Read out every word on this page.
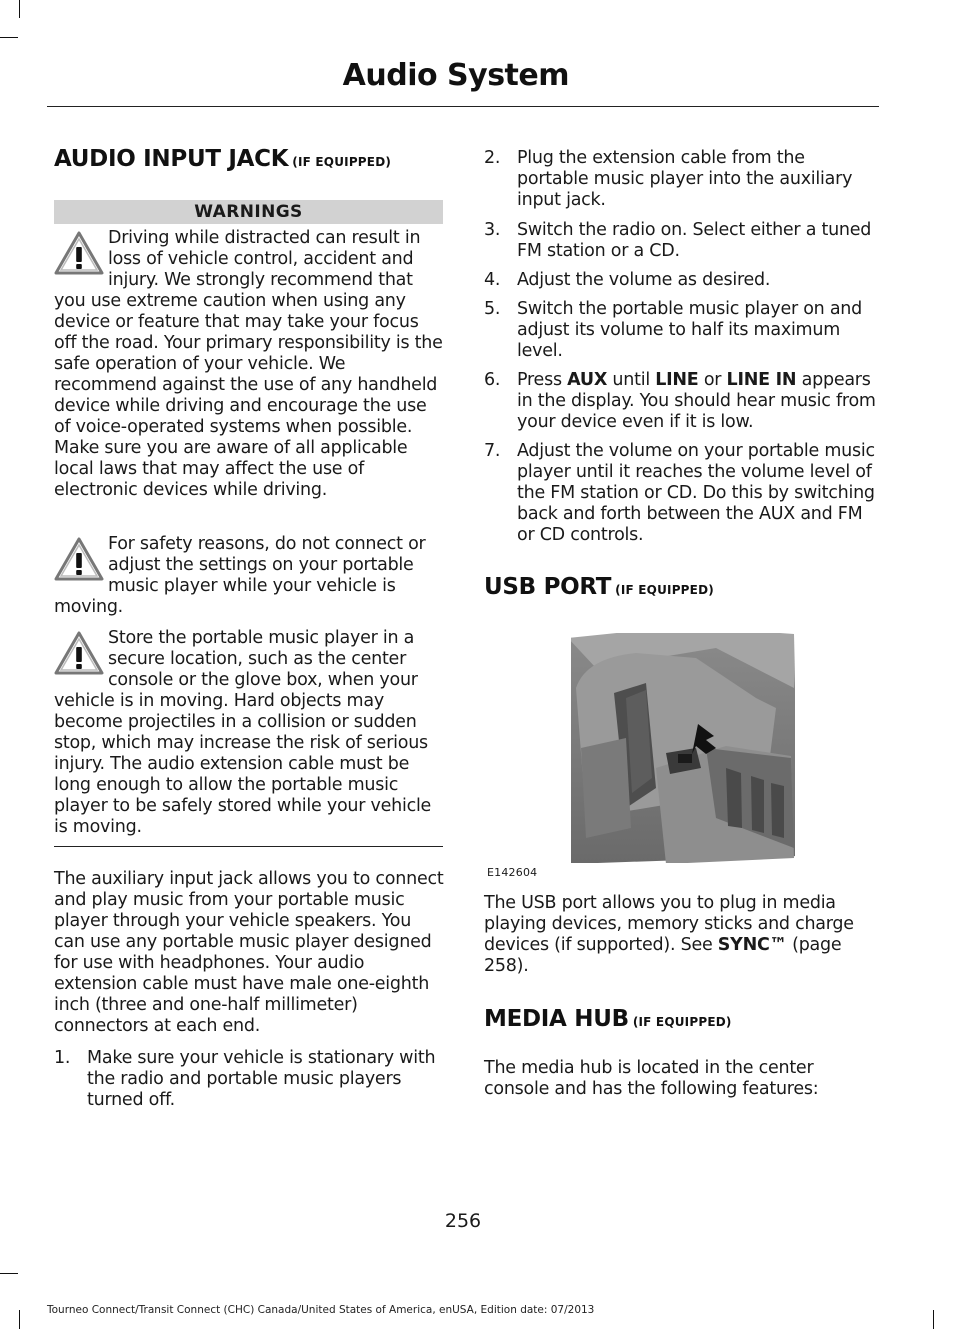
Audio System
AUDIO INPUT JACK (IF EQUIPPED)
WARNINGS
Driving while distracted can result in loss of vehicle control, accident and injury. We strongly recommend that you use extreme caution when using any device or feature that may take your focus off the road. Your primary responsibility is the safe operation of your vehicle. We recommend against the use of any handheld device while driving and encourage the use of voice-operated systems when possible. Make sure you are aware of all applicable local laws that may affect the use of electronic devices while driving.
For safety reasons, do not connect or adjust the settings on your portable music player while your vehicle is moving.
Store the portable music player in a secure location, such as the center console or the glove box, when your vehicle is in moving. Hard objects may become projectiles in a collision or sudden stop, which may increase the risk of serious injury. The audio extension cable must be long enough to allow the portable music player to be safely stored while your vehicle is moving.
The auxiliary input jack allows you to connect and play music from your portable music player through your vehicle speakers. You can use any portable music player designed for use with headphones. Your audio extension cable must have male one-eighth inch (three and one-half millimeter) connectors at each end.
1. Make sure your vehicle is stationary with the radio and portable music players turned off.
2. Plug the extension cable from the portable music player into the auxiliary input jack.
3. Switch the radio on. Select either a tuned FM station or a CD.
4. Adjust the volume as desired.
5. Switch the portable music player on and adjust its volume to half its maximum level.
6. Press AUX until LINE or LINE IN appears in the display. You should hear music from your device even if it is low.
7. Adjust the volume on your portable music player until it reaches the volume level of the FM station or CD. Do this by switching back and forth between the AUX and FM or CD controls.
USB PORT (IF EQUIPPED)
E142604
The USB port allows you to plug in media playing devices, memory sticks and charge devices (if supported). See SYNC™ (page 258).
MEDIA HUB (IF EQUIPPED)
The media hub is located in the center console and has the following features:
256
Tourneo Connect/Transit Connect (CHC) Canada/United States of America, enUSA, Edition date: 07/2013
